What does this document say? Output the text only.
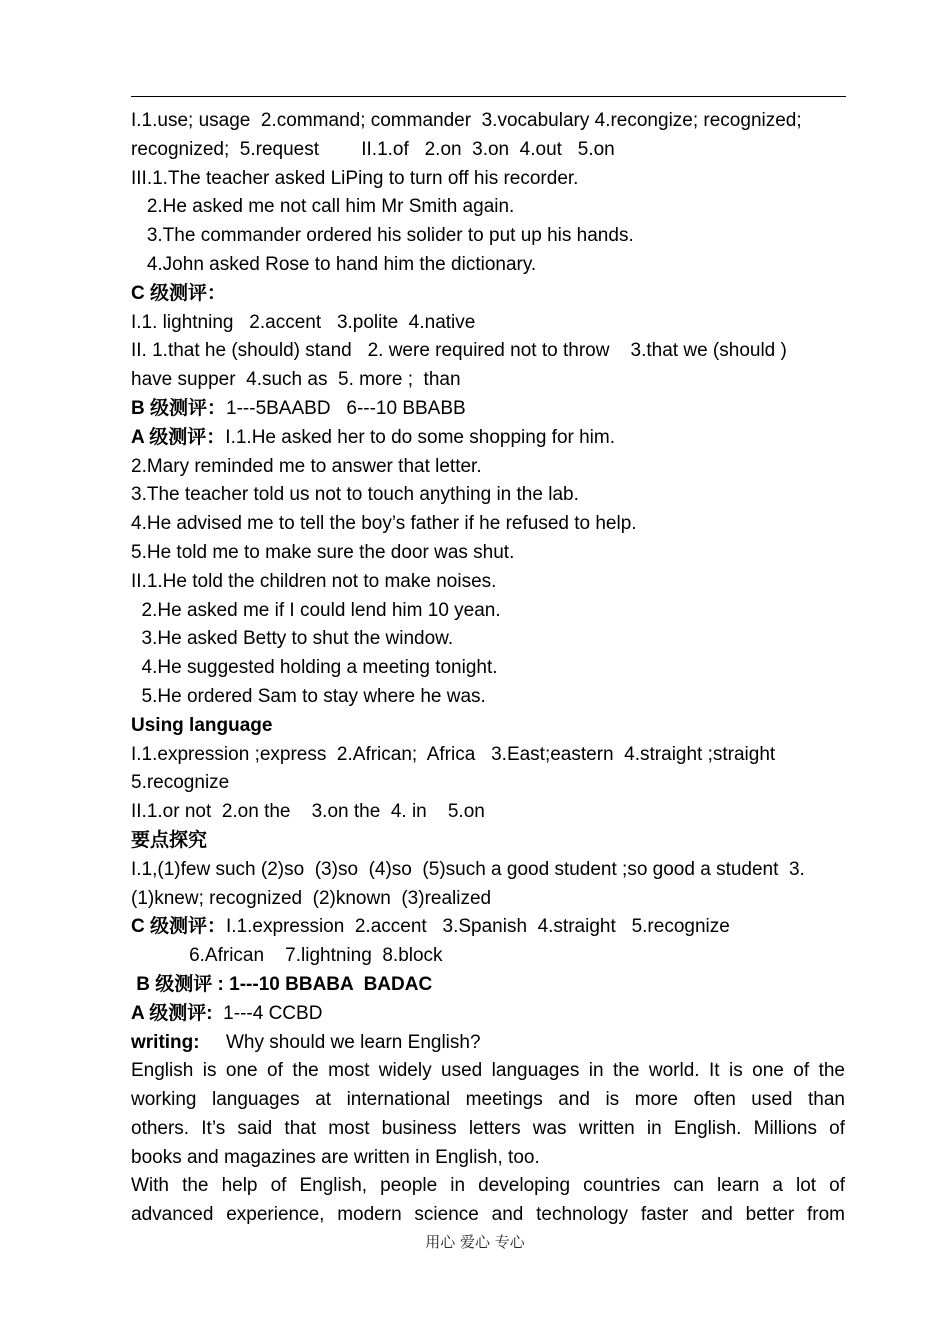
I.1.use; usage  2.command; commander  3.vocabulary 4.recongize; recognized;
recognized;  5.request        II.1.of   2.on  3.on  4.out   5.on
III.1.The teacher asked LiPing to turn off his recorder.
2.He asked me not call him Mr Smith again.
3.The commander ordered his solider to put up his hands.
4.John asked Rose to hand him the dictionary.
C 级测评：
I.1. lightning   2.accent   3.polite  4.native
II. 1.that he (should) stand   2. were required not to throw    3.that we (should )
have supper  4.such as  5. more ;  than
B 级测评：1---5BAABD   6---10 BBABB
A 级测评：I.1.He asked her to do some shopping for him.
2.Mary reminded me to answer that letter.
3.The teacher told us not to touch anything in the lab.
4.He advised me to tell the boy’s father if he refused to help.
5.He told me to make sure the door was shut.
II.1.He told the children not to make noises.
2.He asked me if I could lend him 10 yean.
3.He asked Betty to shut the window.
4.He suggested holding a meeting tonight.
5.He ordered Sam to stay where he was.
Using language
I.1.expression ;express  2.African;  Africa   3.East;eastern  4.straight ;straight
5.recognize
II.1.or not  2.on the    3.on the  4. in    5.on
要点探究
I.1,(1)few such (2)so  (3)so  (4)so  (5)such a good student ;so good a student  3.
(1)knew; recognized  (2)known  (3)realized
C 级测评：I.1.expression  2.accent   3.Spanish  4.straight   5.recognize
6.African    7.lightning  8.block
B 级测评 : 1---10 BBABA  BADAC
A 级测评:  1---4 CCBD
writing:     Why should we learn English?
English is one of the most widely used languages in the world. It is one of the
working languages at international meetings and is more often used than
others. It’s said that most business letters was written in English. Millions of
books and magazines are written in English, too.
With the help of English, people in developing countries can learn a lot of
advanced experience, modern science and technology faster and better from
用心 爱心 专心
